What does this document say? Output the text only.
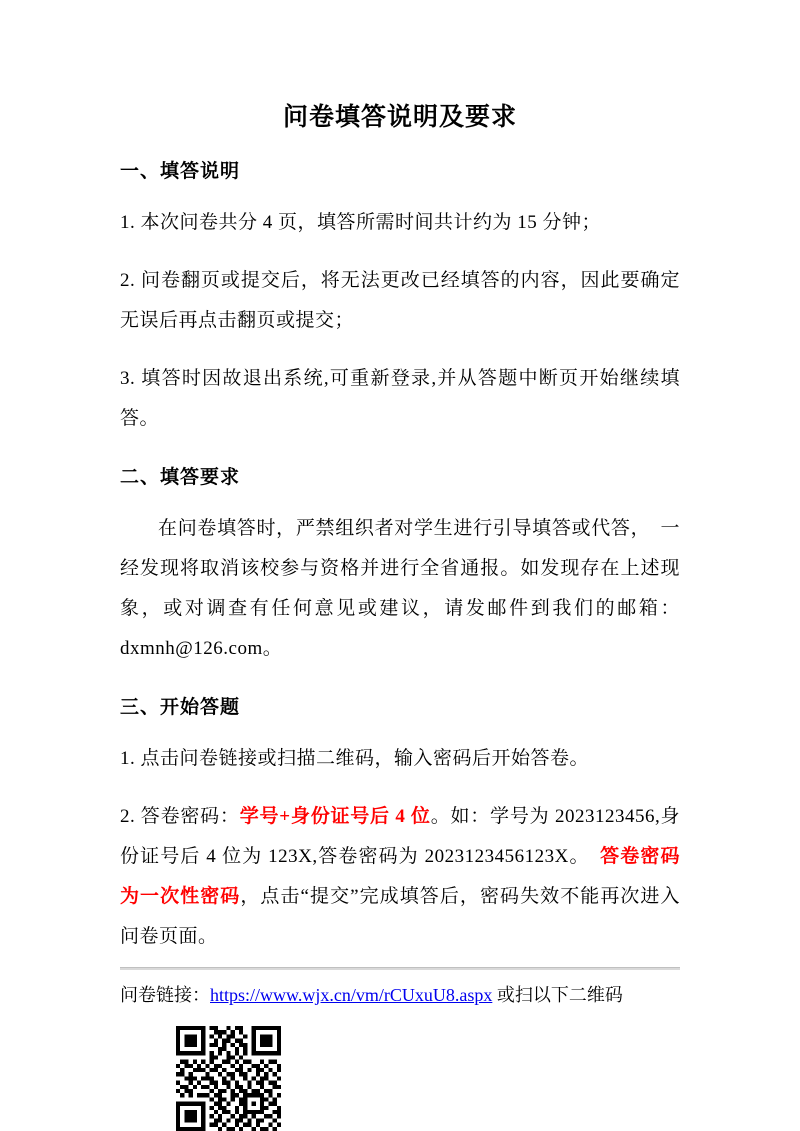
问卷填答说明及要求
一、填答说明

1. 本次问卷共分 4 页，填答所需时间共计约为 15 分钟；

2. 问卷翻页或提交后，将无法更改已经填答的内容，因此要确定无误后再点击翻页或提交；

3. 填答时因故退出系统,可重新登录,并从答题中断页开始继续填答。

二、填答要求

在问卷填答时，严禁组织者对学生进行引导填答或代答，　一经发现将取消该校参与资格并进行全省通报。如发现存在上述现象，或对调查有任何意见或建议，请发邮件到我们的邮箱：dxmnh@126.com。

三、开始答题

1. 点击问卷链接或扫描二维码，输入密码后开始答卷。

2. 答卷密码：学号+身份证号后 4 位。如：学号为 2023123456,身份证号后 4 位为 123X,答卷密码为 2023123456123X。　答卷密码为一次性密码，点击“提交”完成填答后，密码失效不能再次进入问卷页面。

问卷链接：https://www.wjx.cn/vm/rCUxuU8.aspx 或扫以下二维码
